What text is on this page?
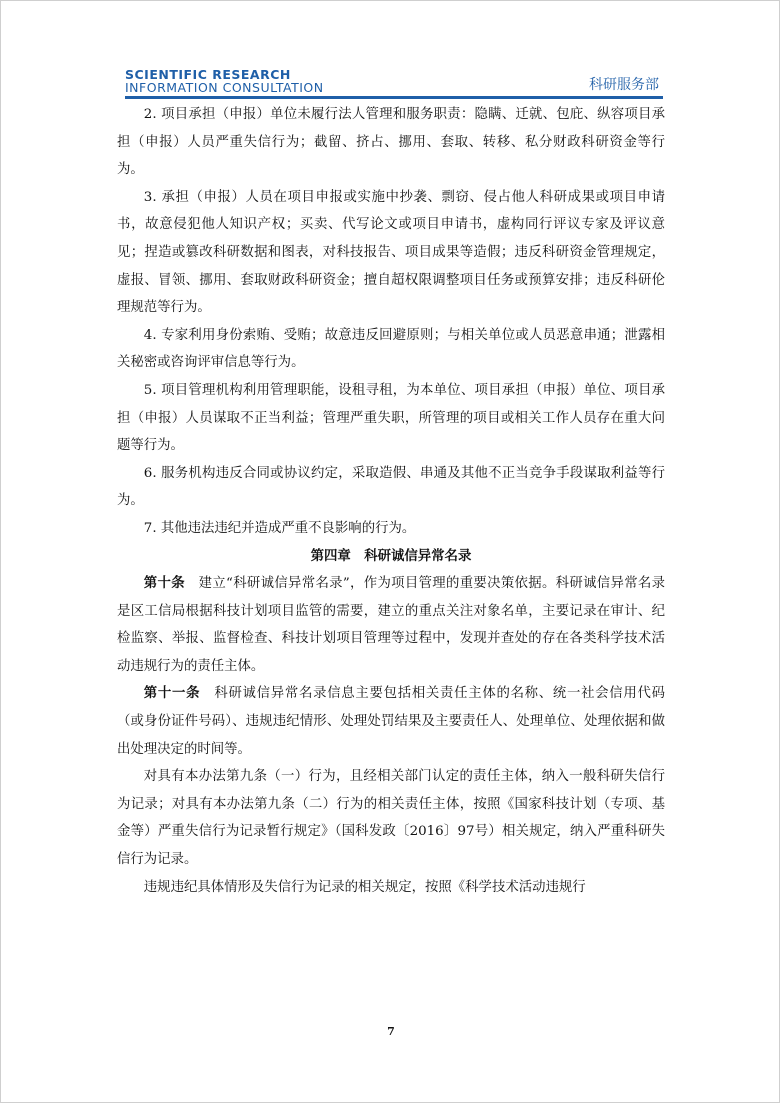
SCIENTIFIC RESEARCH
INFORMATION CONSULTATION	科研服务部

2. 项目承担（申报）单位未履行法人管理和服务职责：隐瞒、迁就、包庇、纵容项目承担（申报）人员严重失信行为；截留、挤占、挪用、套取、转移、私分财政科研资金等行为。

3. 承担（申报）人员在项目申报或实施中抄袭、剽窃、侵占他人科研成果或项目申请书，故意侵犯他人知识产权；买卖、代写论文或项目申请书，虚构同行评议专家及评议意见；捏造或篡改科研数据和图表，对科技报告、项目成果等造假；违反科研资金管理规定，虚报、冒领、挪用、套取财政科研资金；擅自超权限调整项目任务或预算安排；违反科研伦理规范等行为。

4. 专家利用身份索贿、受贿；故意违反回避原则；与相关单位或人员恶意串通；泄露相关秘密或咨询评审信息等行为。

5. 项目管理机构利用管理职能，设租寻租，为本单位、项目承担（申报）单位、项目承担（申报）人员谋取不正当利益；管理严重失职，所管理的项目或相关工作人员存在重大问题等行为。

6. 服务机构违反合同或协议约定，采取造假、串通及其他不正当竞争手段谋取利益等行为。

7. 其他违法违纪并造成严重不良影响的行为。

第四章　科研诚信异常名录

第十条　 建立“科研诚信异常名录”，作为项目管理的重要决策依据。科研诚信异常名录是区工信局根据科技计划项目监管的需要，建立的重点关注对象名单，主要记录在审计、纪检监察、举报、监督检查、科技计划项目管理等过程中，发现并查处的存在各类科学技术活动违规行为的责任主体。

第十一条　 科研诚信异常名录信息主要包括相关责任主体的名称、统一社会信用代码（或身份证件号码）、违规违纪情形、处理处罚结果及主要责任人、处理单位、处理依据和做出处理决定的时间等。

对具有本办法第九条（一）行为，且经相关部门认定的责任主体，纳入一般科研失信行为记录；对具有本办法第九条（二）行为的相关责任主体，按照《国家科技计划（专项、基金等）严重失信行为记录暂行规定》（国科发政〔2016〕97号）相关规定，纳入严重科研失信行为记录。

违规违纪具体情形及失信行为记录的相关规定，按照《科学技术活动违规行

7
